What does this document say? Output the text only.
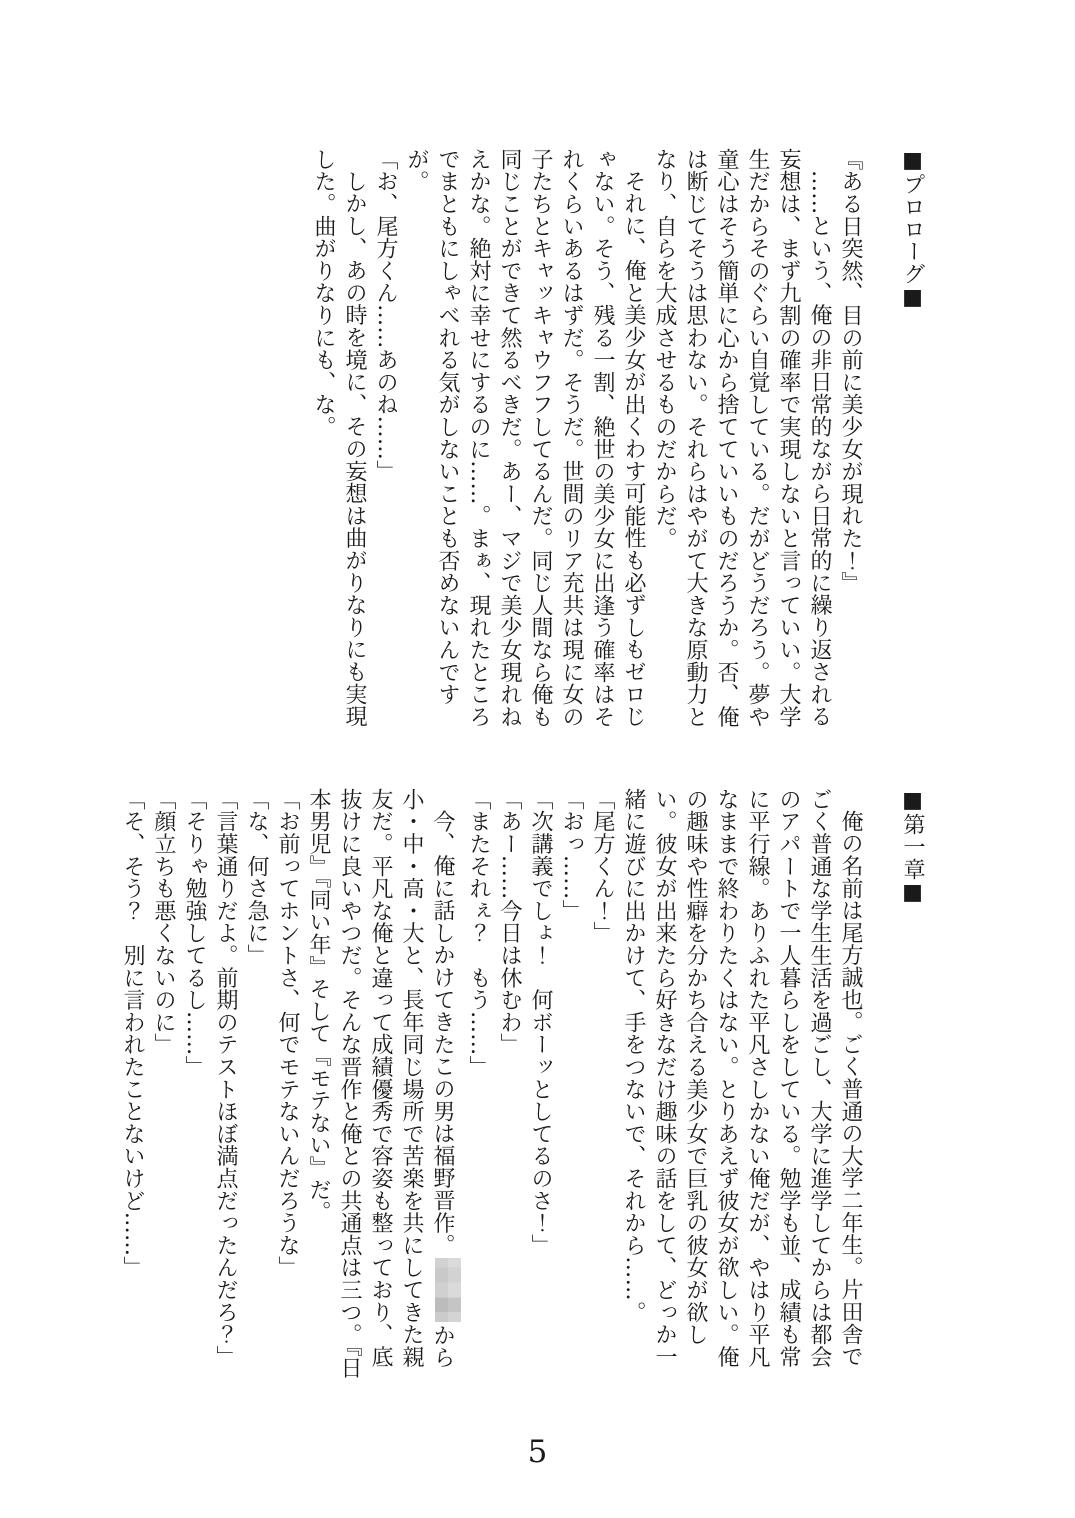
■プロローグ■

『ある日突然、目の前に美少女が現れた！』

……という、俺の非日常的ながら日常的に繰り返される妄想は、まず九割の確率で実現しないと言っていい。大学生だからそのぐらい自覚している。だがどうだろう。夢や童心はそう簡単に心から捨てていいものだろうか。否、俺は断じてそうは思わない。それらはやがて大きな原動力となり、自らを大成させるものだからだ。

それに、俺と美少女が出くわす可能性も必ずしもゼロじゃない。そう、残る一割、絶世の美少女に出逢う確率はそれくらいあるはずだ。そうだ。世間のリア充共は現に女の子たちとキャッキャウフフしてるんだ。同じ人間なら俺も同じことができて然るべきだ。あー、マジで美少女現れねえかな。絶対に幸せにするのに……。まぁ、現れたところでまともにしゃべれる気がしないことも否めないんですが。

「お、尾方くん……あのね……」

しかし、あの時を境に、その妄想は曲がりなりにも実現した。曲がりなりにも、な。

■第一章■

俺の名前は尾方誠也。ごく普通の大学二年生。片田舎でごく普通な学生生活を過ごし、大学に進学してからは都会のアパートで一人暮らしをしている。勉学も並、成績も常に平行線。ありふれた平凡さしかない俺だが、やはり平凡なままで終わりたくはない。とりあえず彼女が欲しい。俺の趣味や性癖を分かち合える美少女で巨乳の彼女が欲しい。彼女が出来たら好きなだけ趣味の話をして、どっか一緒に遊びに出かけて、手をつないで、それから……。

「尾方くん！」

「おっ……」

「次講義でしょ！　何ボーッとしてるのさ！」

「あー……今日は休むわ」

「またそれぇ？　もう……」

今、俺に話しかけてきたこの男は福野晋作。から小・中・高・大と、長年同じ場所で苦楽を共にしてきた親友だ。平凡な俺と違って成績優秀で容姿も整っており、底抜けに良いやつだ。そんな晋作と俺との共通点は三つ。『日本男児』『同い年』そして『モテない』だ。

「お前ってホントさ、何でモテないんだろうな」

「な、何さ急に」

「言葉通りだよ。前期のテストほぼ満点だったんだろ？」

「そりゃ勉強してるし……」

「顔立ちも悪くないのに」

「そ、そう？　別に言われたことないけど……」

5
